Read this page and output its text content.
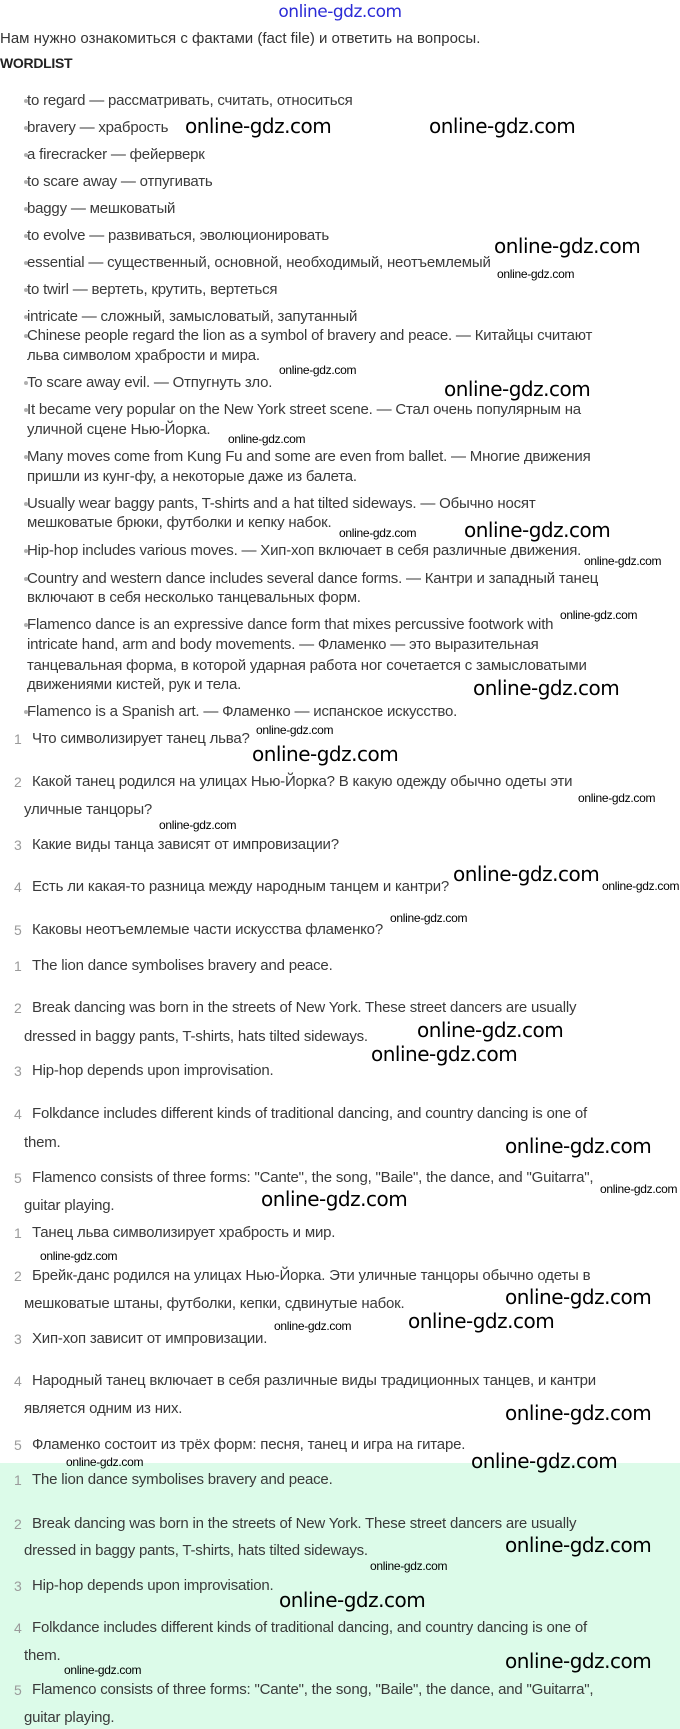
online-gdz.com
Нам нужно ознакомиться с фактами (fact file) и ответить на вопросы.
WORDLIST
to regard — рассматривать, считать, относиться
bravery — храбрость
a firecracker — фейерверк
to scare away — отпугивать
baggy — мешковатый
to evolve — развиваться, эволюционировать
essential — существенный, основной, необходимый, неотъемлемый
to twirl — вертеть, крутить, вертеться
intricate — сложный, замысловатый, запутанный
Chinese people regard the lion as a symbol of bravery and peace. — Китайцы считают
льва символом храбрости и мира.
To scare away evil. — Отпугнуть зло.
It became very popular on the New York street scene. — Стал очень популярным на
уличной сцене Нью-Йорка.
Many moves come from Kung Fu and some are even from ballet. — Многие движения
пришли из кунг-фу, а некоторые даже из балета.
Usually wear baggy pants, T-shirts and a hat tilted sideways. — Обычно носят
мешковатые брюки, футболки и кепку набок.
Hip-hop includes various moves. — Хип-хоп включает в себя различные движения.
Country and western dance includes several dance forms. — Кантри и западный танец
включают в себя несколько танцевальных форм.
Flamenco dance is an expressive dance form that mixes percussive footwork with
intricate hand, arm and body movements. — Фламенко — это выразительная
танцевальная форма, в которой ударная работа ног сочетается с замысловатыми
движениями кистей, рук и тела.
Flamenco is a Spanish art. — Фламенко — испанское искусство.
1 Что символизирует танец льва?
2 Какой танец родился на улицах Нью-Йорка? В какую одежду обычно одеты эти
уличные танцоры?
3 Какие виды танца зависят от импровизации?
4 Есть ли какая-то разница между народным танцем и кантри?
5 Каковы неотъемлемые части искусства фламенко?
1 The lion dance symbolises bravery and peace.
2 Break dancing was born in the streets of New York. These street dancers are usually
dressed in baggy pants, T-shirts, hats tilted sideways.
3 Hip-hop depends upon improvisation.
4 Folkdance includes different kinds of traditional dancing, and country dancing is one of
them.
5 Flamenco consists of three forms: "Cante", the song, "Baile", the dance, and "Guitarra",
guitar playing.
1 Танец льва символизирует храбрость и мир.
2 Брейк-данс родился на улицах Нью-Йорка. Эти уличные танцоры обычно одеты в
мешковатые штаны, футболки, кепки, сдвинутые набок.
3 Хип-хоп зависит от импровизации.
4 Народный танец включает в себя различные виды традиционных танцев, и кантри
является одним из них.
5 Фламенко состоит из трёх форм: песня, танец и игра на гитаре.
1 The lion dance symbolises bravery and peace.
2 Break dancing was born in the streets of New York. These street dancers are usually
dressed in baggy pants, T-shirts, hats tilted sideways.
3 Hip-hop depends upon improvisation.
4 Folkdance includes different kinds of traditional dancing, and country dancing is one of
them.
5 Flamenco consists of three forms: "Cante", the song, "Baile", the dance, and "Guitarra",
guitar playing.
online-gdz.com	online-gdz.com
online-gdz.com
online-gdz.com
online-gdz.com
online-gdz.com
online-gdz.com
online-gdz.com
online-gdz.com
online-gdz.com
online-gdz.com
online-gdz.com
online-gdz.com
online-gdz.com
online-gdz.com
online-gdz.com
online-gdz.com
online-gdz.com
online-gdz.com
online-gdz.com
online-gdz.com
online-gdz.com
online-gdz.com
online-gdz.com
online-gdz.com
online-gdz.com
online-gdz.com
online-gdz.com
online-gdz.com
online-gdz.com
online-gdz.com
online-gdz.com
online-gdz.com
online-gdz.com
online-gdz.com
online-gdz.com
